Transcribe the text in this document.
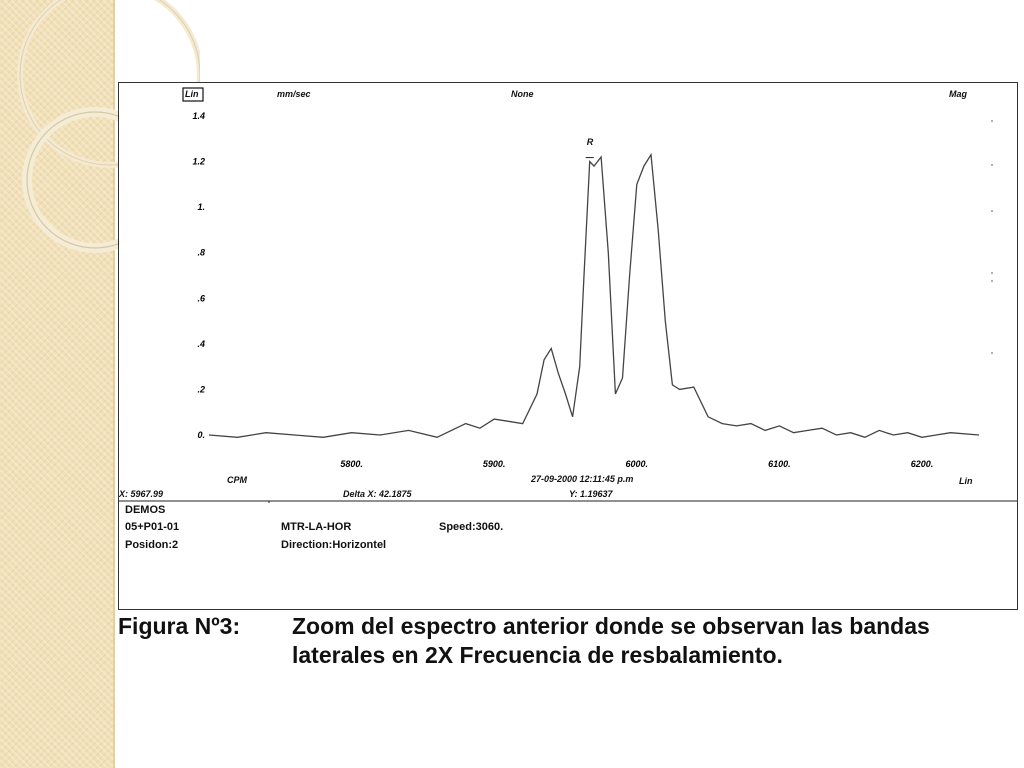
1.4
1.2
1.
.8
.6
.4
.2
0.
5800.	5900.	6000.	6100.	6200.
Lin	mm/sec	None	Mag
R
CPM	Lin
X: 5967.99	Delta X: 42.1875
27-09-2000 12:11:45 p.m
Y: 1.19637
DEMOS
05+P01-01
Posidon:2
MTR-LA-HOR
Direction:Horizontel
Speed:3060.
Figura Nº3: Zoom del espectro anterior donde se observan las bandas laterales en 2X Frecuencia de resbalamiento.
